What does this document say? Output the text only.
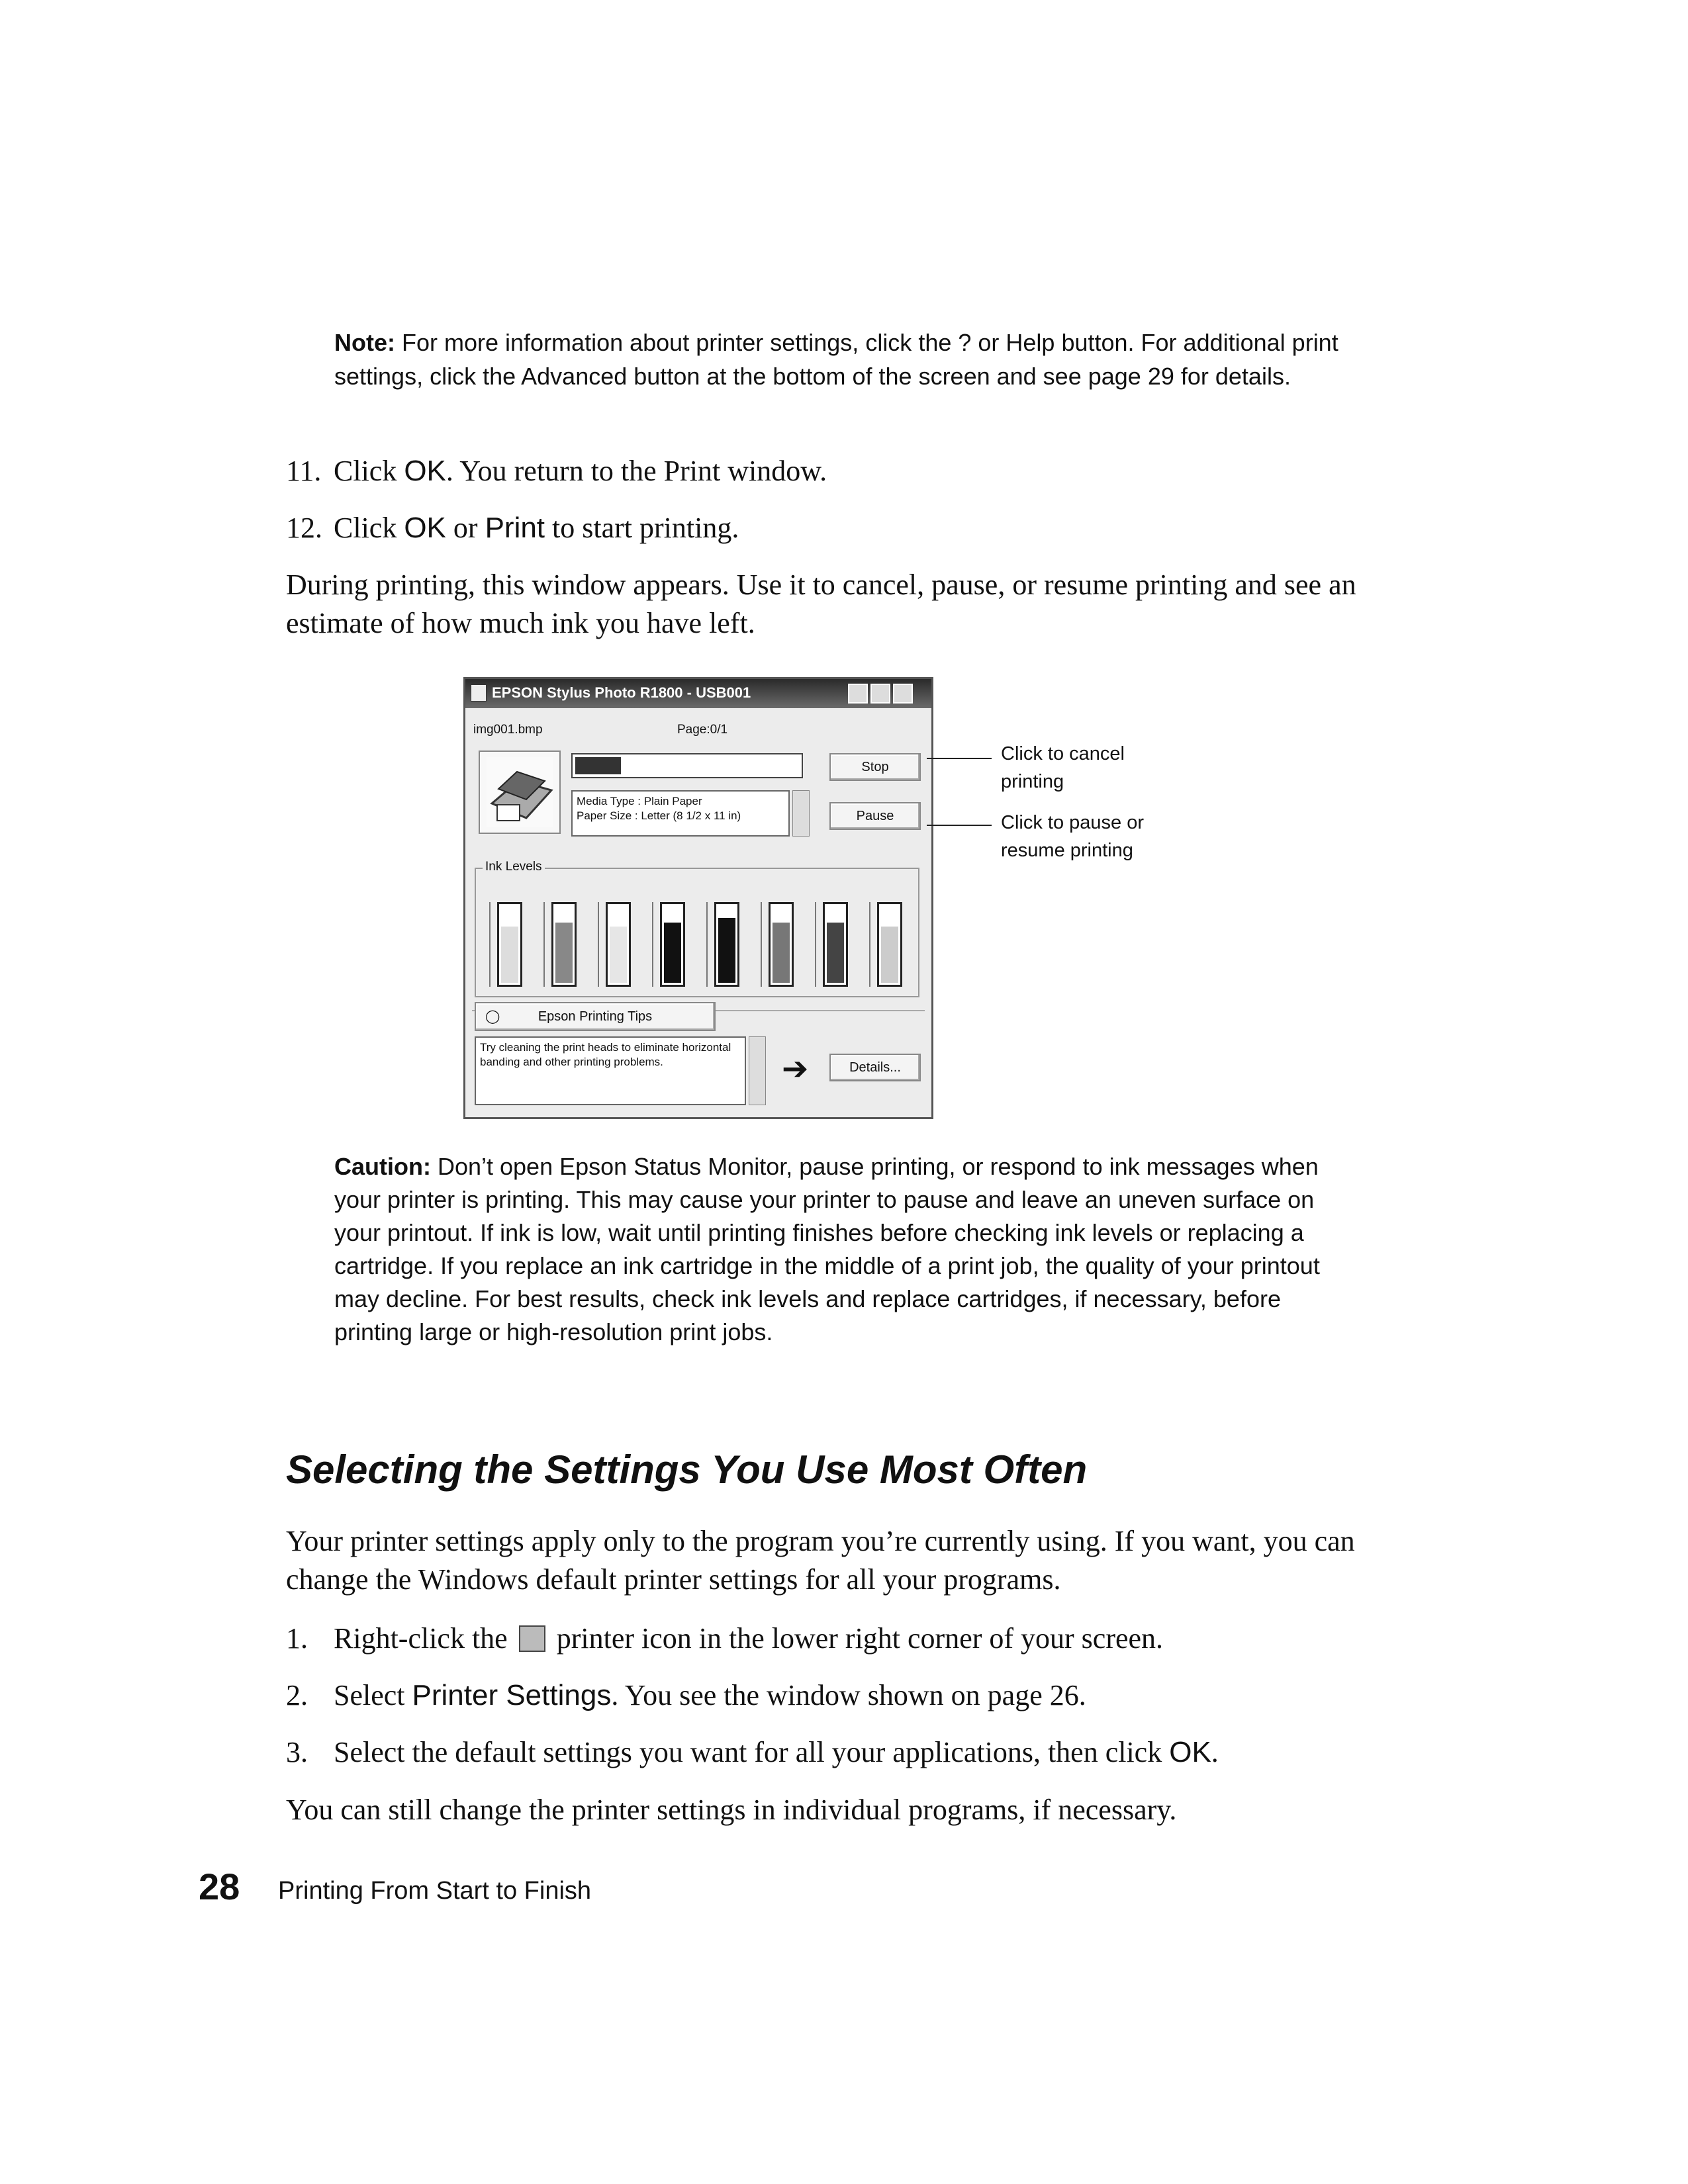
Note: For more information about printer settings, click the ? or Help button. For additional print settings, click the Advanced button at the bottom of the screen and see page 29 for details.
11. Click OK. You return to the Print window.
12. Click OK or Print to start printing.
During printing, this window appears. Use it to cancel, pause, or resume printing and see an estimate of how much ink you have left.
EPSON Stylus Photo R1800 - USB001
img001.bmp	Page:0/1
Stop
Pause
Media Type : Plain Paper
Paper Size : Letter (8 1/2 x 11 in)
Ink Levels
◯	Epson Printing Tips
Try cleaning the print heads to eliminate horizontal banding and other printing problems.	➔	Details...
Click to cancel printing
Click to pause or resume printing
Caution: Don’t open Epson Status Monitor, pause printing, or respond to ink messages when your printer is printing. This may cause your printer to pause and leave an uneven surface on your printout. If ink is low, wait until printing finishes before checking ink levels or replacing a cartridge. If you replace an ink cartridge in the middle of a print job, the quality of your printout may decline. For best results, check ink levels and replace cartridges, if necessary, before printing large or high-resolution print jobs.
Selecting the Settings You Use Most Often
Your printer settings apply only to the program you’re currently using. If you want, you can change the Windows default printer settings for all your programs.
1. Right-click the  printer icon in the lower right corner of your screen.
2. Select Printer Settings. You see the window shown on page 26.
3. Select the default settings you want for all your applications, then click OK.
You can still change the printer settings in individual programs, if necessary.
28 Printing From Start to Finish
